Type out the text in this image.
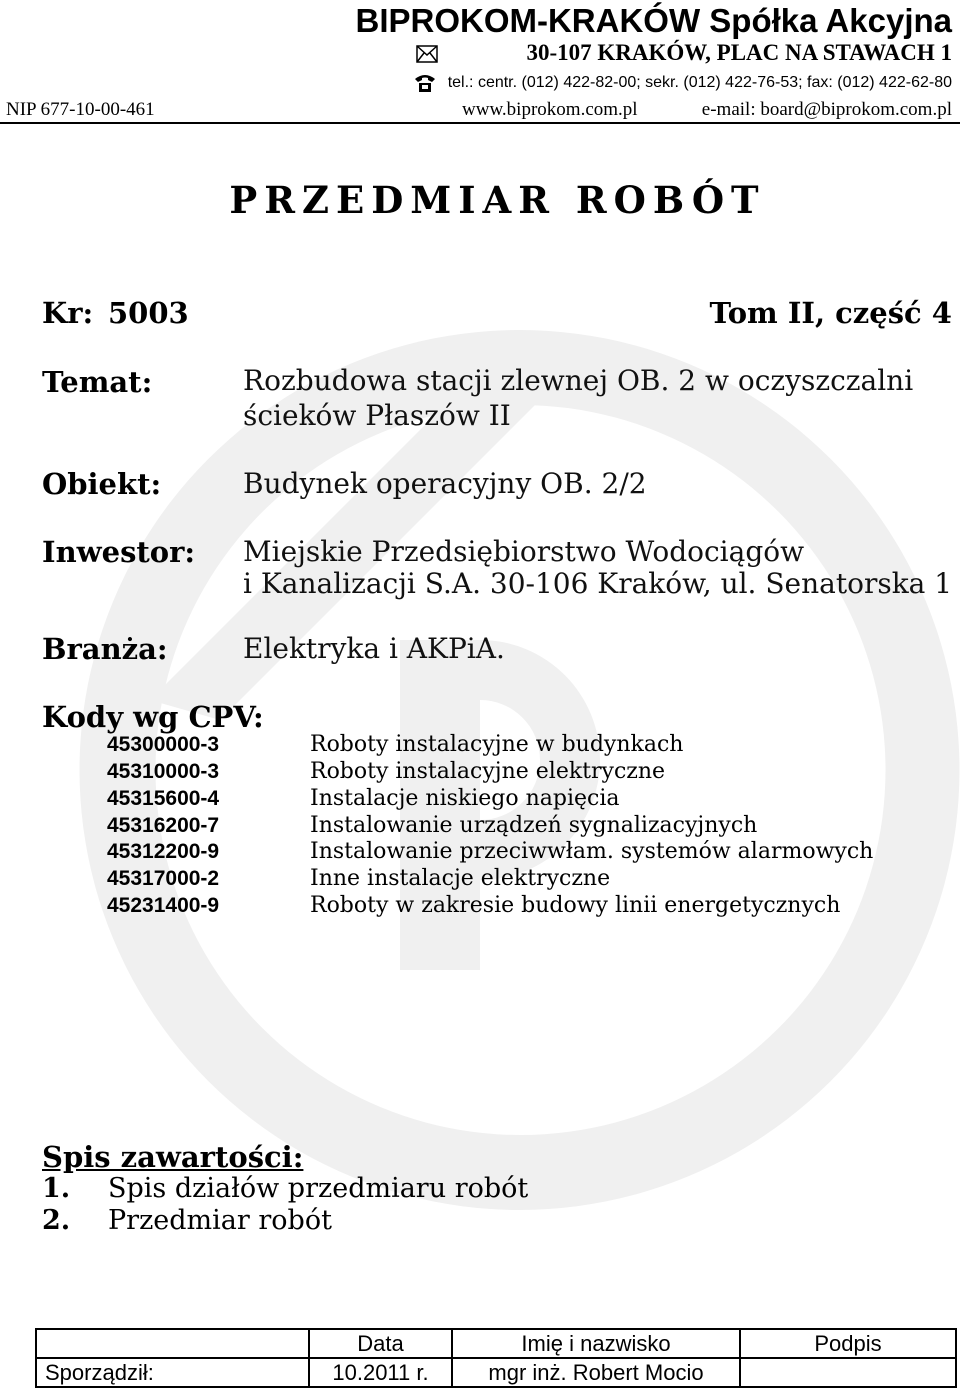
BIPROKOM-KRAKÓW Spółka Akcyjna
30-107 KRAKÓW, PLAC NA STAWACH 1
tel.: centr. (012) 422-82-00; sekr. (012) 422-76-53; fax: (012) 422-62-80
NIP 677-10-00-461	www.biprokom.com.pl	e-mail: board@biprokom.com.pl
PRZEDMIAR ROBÓT
Kr: 5003	Tom II, część 4
Temat:	Rozbudowa stacji zlewnej OB. 2 w oczyszczalni
ścieków Płaszów II
Obiekt:	Budynek operacyjny OB. 2/2
Inwestor: Miejskie Przedsiębiorstwo Wodociągów
i Kanalizacji S.A. 30-106 Kraków, ul. Senatorska 1
Branża:	Elektryka i AKPiA.
Kody wg CPV:
45300000-3	Roboty instalacyjne w budynkach
45310000-3	Roboty instalacyjne elektryczne
45315600-4	Instalacje niskiego napięcia
45316200-7	Instalowanie urządzeń sygnalizacyjnych
45312200-9	Instalowanie przeciwwłam. systemów alarmowych
45317000-2	Inne instalacje elektryczne
45231400-9	Roboty w zakresie budowy linii energetycznych
Spis zawartości:
1. Spis działów przedmiaru robót
2. Przedmiar robót
	Data	Imię i nazwisko	Podpis
Sporządził:	10.2011 r.	mgr inż. Robert Mocio	
